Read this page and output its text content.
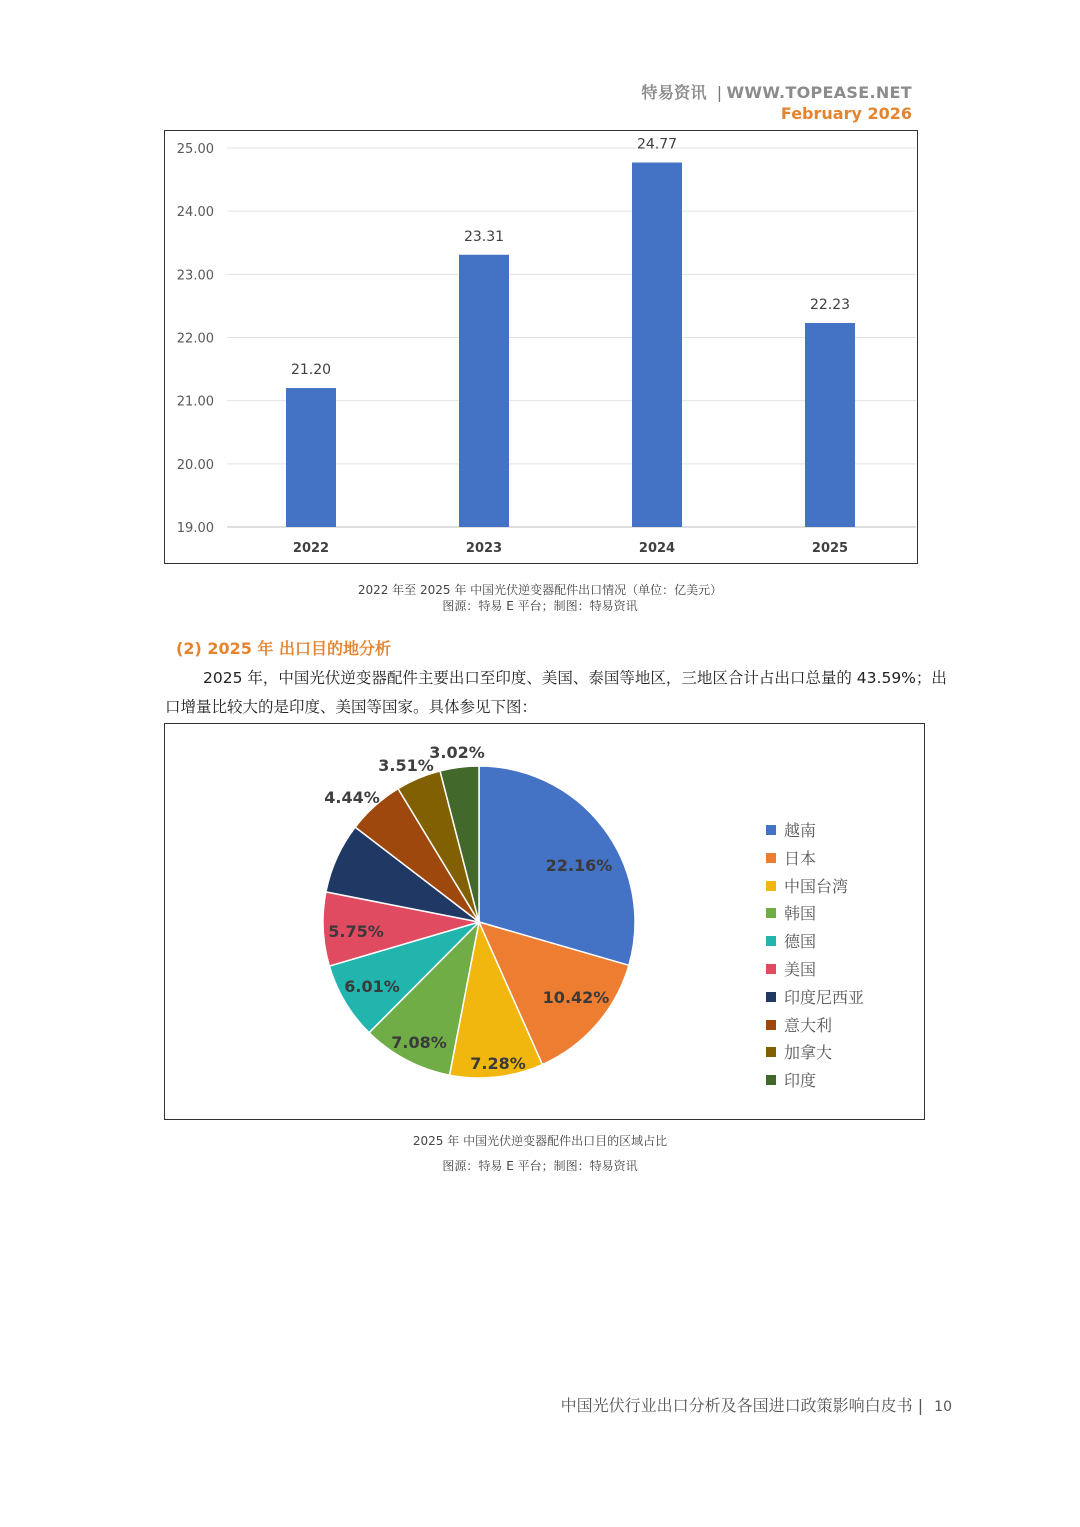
特易资讯 | WWW.TOPEASE.NET
February 2026
25.00
24.00
23.00
22.00
21.00
20.00
19.00
21.20
2022
23.31
2023
24.77
2024
22.23
2025
2022 年至 2025 年 中国光伏逆变器配件出口情况（单位：亿美元）
图源：特易 E 平台；制图：特易资讯
(2) 2025 年 出口目的地分析
2025 年，中国光伏逆变器配件主要出口至印度、美国、泰国等地区，三地区合计占出口总量的 43.59%；出
口增量比较大的是印度、美国等国家。具体参见下图：
22.16%
10.42%
7.28%
7.08%
6.01%
5.75%
4.44%
3.51%
3.02%
越南
日本
中国台湾
韩国
德国
美国
印度尼西亚
意大利
加拿大
印度
2025 年 中国光伏逆变器配件出口目的区域占比
图源：特易 E 平台；制图：特易资讯
中国光伏行业出口分析及各国进口政策影响白皮书 | 10
